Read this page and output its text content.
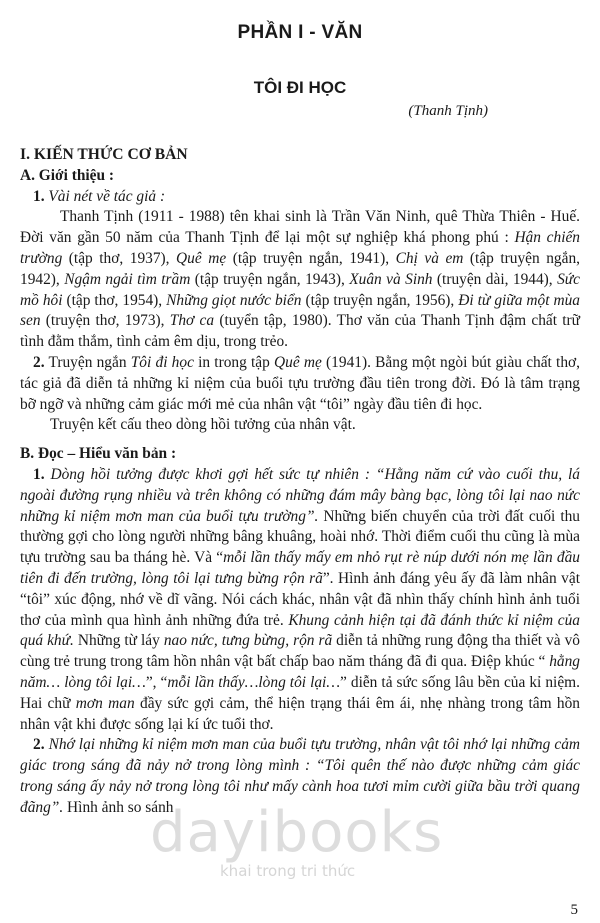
PHẦN I - VĂN
TÔI ĐI HỌC
(Thanh Tịnh)

I. KIẾN THỨC CƠ BẢN

A. Giới thiệu :

1. Vài nét về tác giả :

Thanh Tịnh (1911 - 1988) tên khai sinh là Trần Văn Ninh, quê Thừa Thiên - Huế. Đời văn gần 50 năm của Thanh Tịnh để lại một sự nghiệp khá phong phú : Hận chiến trường (tập thơ, 1937), Quê mẹ (tập truyện ngắn, 1941), Chị và em (tập truyện ngắn, 1942), Ngậm ngải tìm trầm (tập truyện ngắn, 1943), Xuân và Sinh (truyện dài, 1944), Sức mồ hôi (tập thơ, 1954), Những giọt nước biển (tập truyện ngắn, 1956), Đi từ giữa một mùa sen (truyện thơ, 1973), Thơ ca (tuyển tập, 1980). Thơ văn của Thanh Tịnh đậm chất trữ tình đằm thắm, tình cảm êm dịu, trong trẻo.

2. Truyện ngắn Tôi đi học in trong tập Quê mẹ (1941). Bằng một ngòi bút giàu chất thơ, tác giả đã diễn tả những kỉ niệm của buổi tựu trường đầu tiên trong đời. Đó là tâm trạng bỡ ngỡ và những cảm giác mới mẻ của nhân vật “tôi” ngày đầu tiên đi học.

Truyện kết cấu theo dòng hồi tưởng của nhân vật.

B. Đọc – Hiểu văn bản :

1. Dòng hồi tưởng được khơi gợi hết sức tự nhiên : “Hằng năm cứ vào cuối thu, lá ngoài đường rụng nhiều và trên không có những đám mây bàng bạc, lòng tôi lại nao nức những kỉ niệm mơn man của buổi tựu trường”. Những biến chuyển của trời đất cuối thu thường gợi cho lòng người những bâng khuâng, hoài nhớ. Thời điểm cuối thu cũng là mùa tựu trường sau ba tháng hè. Và “mỗi lần thấy mấy em nhỏ rụt rè núp dưới nón mẹ lần đầu tiên đi đến trường, lòng tôi lại tưng bừng rộn rã”. Hình ảnh đáng yêu ấy đã làm nhân vật “tôi” xúc động, nhớ về dĩ vãng. Nói cách khác, nhân vật đã nhìn thấy chính hình ảnh tuổi thơ của mình qua hình ảnh những đứa trẻ. Khung cảnh hiện tại đã đánh thức kỉ niệm của quá khứ. Những từ láy nao nức, tưng bừng, rộn rã diễn tả những rung động tha thiết và vô cùng trẻ trung trong tâm hồn nhân vật bất chấp bao năm tháng đã đi qua. Điệp khúc “ hằng năm… lòng tôi lại…”, “mỗi lần thấy…lòng tôi lại…” diễn tả sức sống lâu bền của kỉ niệm. Hai chữ mơn man đầy sức gợi cảm, thể hiện trạng thái êm ái, nhẹ nhàng trong tâm hồn nhân vật khi được sống lại kí ức tuổi thơ.

2. Nhớ lại những kỉ niệm mơn man của buổi tựu trường, nhân vật tôi nhớ lại những cảm giác trong sáng đã nảy nở trong lòng mình : “Tôi quên thế nào được những cảm giác trong sáng ấy nảy nở trong lòng tôi như mấy cành hoa tươi mỉm cười giữa bầu trời quang đãng”. Hình ảnh so sánh

dayibooks
khai trong tri thức
5
